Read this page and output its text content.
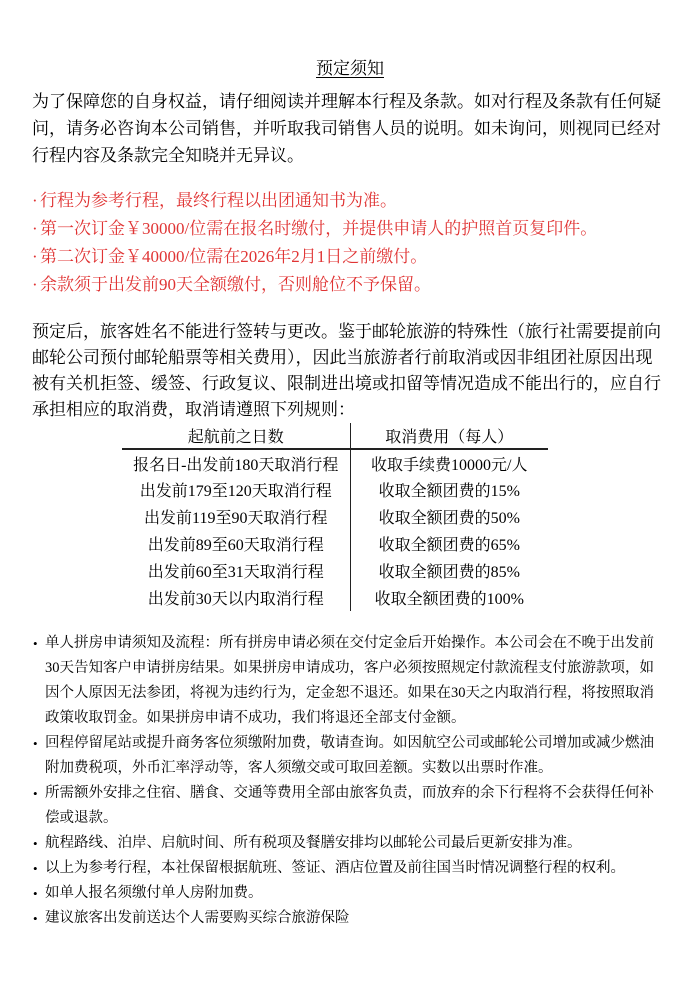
预定须知

为了保障您的自身权益，请仔细阅读并理解本行程及条款。如对行程及条款有任何疑问，请务必咨询本公司销售，并听取我司销售人员的说明。如未询问，则视同已经对行程内容及条款完全知晓并无异议。

· 行程为参考行程，最终行程以出团通知书为准。

· 第一次订金￥30000/位需在报名时缴付，并提供申请人的护照首页复印件。

· 第二次订金￥40000/位需在2026年2月1日之前缴付。

· 余款须于出发前90天全额缴付，否则舱位不予保留。

预定后，旅客姓名不能进行签转与更改。鉴于邮轮旅游的特殊性（旅行社需要提前向邮轮公司预付邮轮船票等相关费用），因此当旅游者行前取消或因非组团社原因出现被有关机拒签、缓签、行政复议、限制进出境或扣留等情况造成不能出行的，应自行承担相应的取消费，取消请遵照下列规则：

起航前之日数	取消费用（每人）
报名日-出发前180天取消行程	收取手续费10000元/人
出发前179至120天取消行程	收取全额团费的15%
出发前119至90天取消行程	收取全额团费的50%
出发前89至60天取消行程	收取全额团费的65%
出发前60至31天取消行程	收取全额团费的85%
出发前30天以内取消行程	收取全额团费的100%
• 单人拼房申请须知及流程：所有拼房申请必须在交付定金后开始操作。本公司会在不晚于出发前30天告知客户申请拼房结果。如果拼房申请成功，客户必须按照规定付款流程支付旅游款项，如因个人原因无法参团，将视为违约行为，定金恕不退还。如果在30天之内取消行程，将按照取消政策收取罚金。如果拼房申请不成功，我们将退还全部支付金额。
• 回程停留尾站或提升商务客位须缴附加费，敬请查询。如因航空公司或邮轮公司增加或减少燃油附加费税项，外币汇率浮动等，客人须缴交或可取回差额。实数以出票时作准。
• 所需额外安排之住宿、膳食、交通等费用全部由旅客负责，而放弃的余下行程将不会获得任何补偿或退款。
• 航程路线、泊岸、启航时间、所有税项及餐膳安排均以邮轮公司最后更新安排为准。
• 以上为参考行程，本社保留根据航班、签证、酒店位置及前往国当时情况调整行程的权利。
• 如单人报名须缴付单人房附加费。
• 建议旅客出发前送达个人需要购买综合旅游保险
